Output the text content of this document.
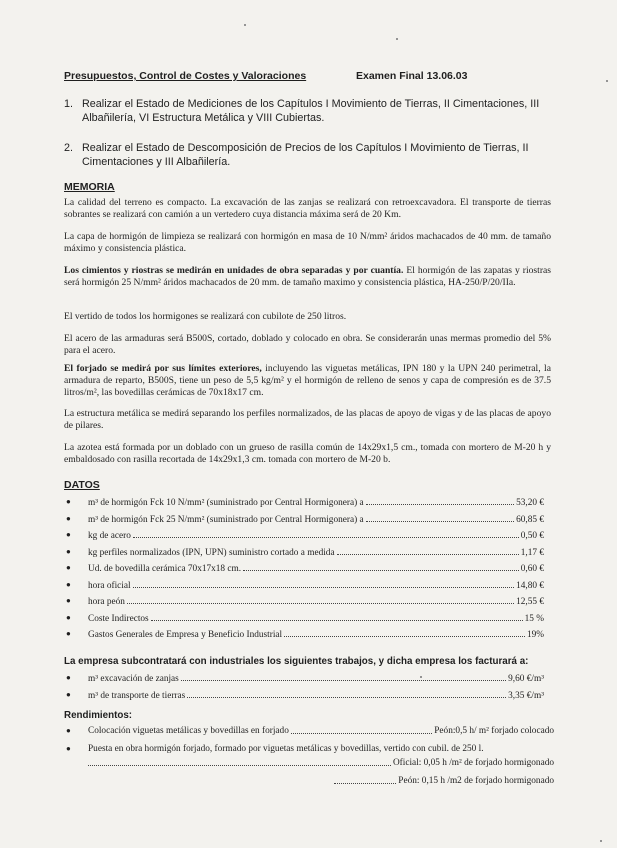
Presupuestos, Control de Costes y Valoraciones	Examen Final 13.06.03
1. Realizar el Estado de Mediciones de los Capítulos I Movimiento de Tierras, II Cimentaciones, III Albañilería, VI Estructura Metálica y VIII Cubiertas.
2. Realizar el Estado de Descomposición de Precios de los Capítulos I Movimiento de Tierras, II Cimentaciones y III Albañilería.
MEMORIA
La calidad del terreno es compacto. La excavación de las zanjas se realizará con retroexcavadora. El transporte de tierras sobrantes se realizará con camión a un vertedero cuya distancia máxima será de 20 Km.
La capa de hormigón de limpieza se realizará con hormigón en masa de 10 N/mm² áridos machacados de 40 mm. de tamaño máximo y consistencia plástica.
Los cimientos y riostras se medirán en unidades de obra separadas y por cuantía. El hormigón de las zapatas y riostras será hormigón 25 N/mm² áridos machacados de 20 mm. de tamaño maximo y consistencia plástica, HA-250/P/20/IIa.
El vertido de todos los hormigones se realizará con cubilote de 250 litros.
El acero de las armaduras será B500S, cortado, doblado y colocado en obra. Se considerarán unas mermas promedio del 5% para el acero.
El forjado se medirá por sus límites exteriores, incluyendo las viguetas metálicas, IPN 180 y la UPN 240 perimetral, la armadura de reparto, B500S, tiene un peso de 5,5 kg/m² y el hormigón de relleno de senos y capa de compresión es de 37.5 litros/m², las bovedillas cerámicas de 70x18x17 cm.
La estructura metálica se medirá separando los perfiles normalizados, de las placas de apoyo de vigas y de las placas de apoyo de pilares.
La azotea está formada por un doblado con un grueso de rasilla común de 14x29x1,5 cm., tomada con mortero de M-20 h y embaldosado con rasilla recortada de 14x29x1,3 cm. tomada con mortero de M-20 b.
DATOS
● m³ de hormigón Fck 10 N/mm² (suministrado por Central Hormigonera) a	53,20 €
● m³ de hormigón Fck 25 N/mm² (suministrado por Central Hormigonera) a	60,85 €
● kg de acero	0,50 €
● kg perfiles normalizados (IPN, UPN) suministro cortado a medida	1,17 €
● Ud. de bovedilla cerámica 70x17x18 cm.	0,60 €
● hora oficial	14,80 €
● hora peón	12,55 €
● Coste Indirectos	15 %
● Gastos Generales de Empresa y Beneficio Industrial	19%
La empresa subcontratará con industriales los siguientes trabajos, y dicha empresa los facturará a:
● m³ excavación de zanjas	9,60 €/m³
● m³ de transporte de tierras	3,35 €/m³
Rendimientos:
● Colocación viguetas metálicas y bovedillas en forjado	Peón:0,5 h/ m² forjado colocado
● Puesta en obra hormigón forjado, formado por viguetas metálicas y bovedillas, vertido con cubil. de 250 l.
Oficial: 0,05 h /m² de forjado hormigonado
Peón: 0,15 h /m2 de forjado hormigonado
